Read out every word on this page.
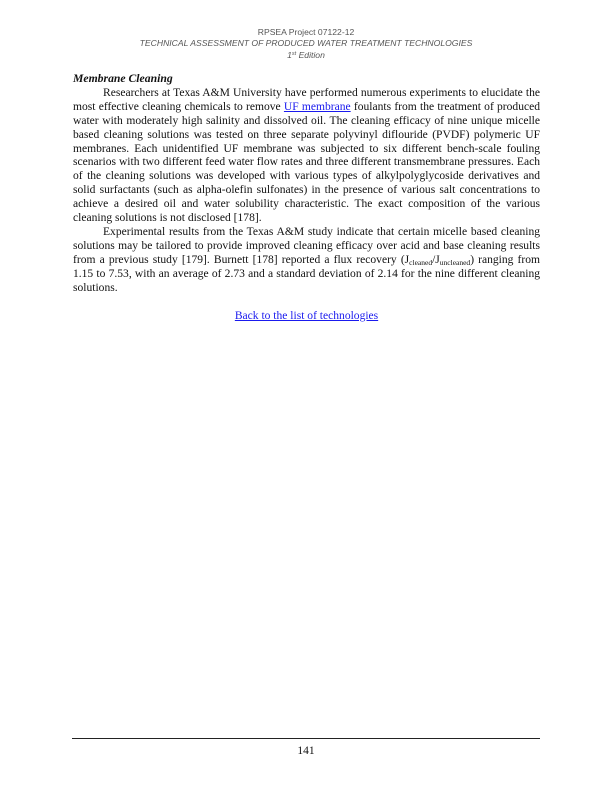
RPSEA Project 07122-12
TECHNICAL ASSESSMENT OF PRODUCED WATER TREATMENT TECHNOLOGIES
1st Edition
Membrane Cleaning

Researchers at Texas A&M University have performed numerous experiments to elucidate the most effective cleaning chemicals to remove UF membrane foulants from the treatment of produced water with moderately high salinity and dissolved oil. The cleaning efficacy of nine unique micelle based cleaning solutions was tested on three separate polyvinyl diflouride (PVDF) polymeric UF membranes. Each unidentified UF membrane was subjected to six different bench-scale fouling scenarios with two different feed water flow rates and three different transmembrane pressures. Each of the cleaning solutions was developed with various types of alkylpolyglycoside derivatives and solid surfactants (such as alpha-olefin sulfonates) in the presence of various salt concentrations to achieve a desired oil and water solubility characteristic. The exact composition of the various cleaning solutions is not disclosed [178].

Experimental results from the Texas A&M study indicate that certain micelle based cleaning solutions may be tailored to provide improved cleaning efficacy over acid and base cleaning results from a previous study [179]. Burnett [178] reported a flux recovery $(J_{cleaned}/J_{uncleaned})$ ranging from 1.15 to 7.53, with an average of 2.73 and a standard deviation of 2.14 for the nine different cleaning solutions.

Back to the list of technologies
141
